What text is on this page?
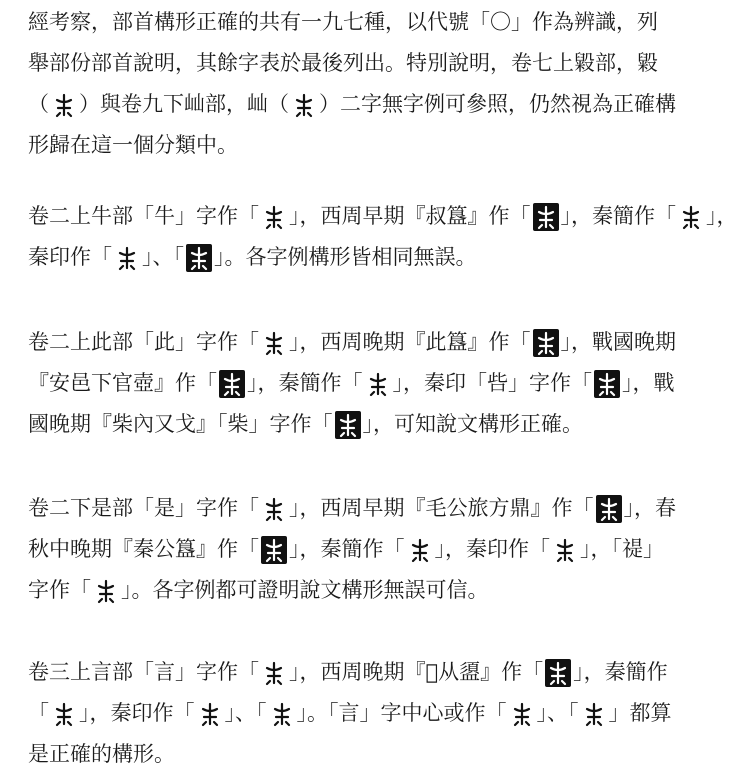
經考察，部首構形正確的共有一九七種，以代號「〇」作為辨識，列
舉部份部首說明，其餘字表於最後列出。特別說明，卷七上毇部，毇
（ ）與卷九下屾部，屾（ ）二字無字例可參照，仍然視為正確構
形歸在這一個分類中。
卷二上牛部「牛」字作「 」，西周早期『叔簋』作「 」，秦簡作「 」，
秦印作「 」、「 」。各字例構形皆相同無誤。
卷二上此部「此」字作「 」，西周晚期『此簋』作「 」，戰國晚期
『安邑下官壺』作「 」，秦簡作「 」，秦印「呰」字作「 」，戰
國晚期『柴內又戈』「柴」字作「 」，可知說文構形正確。
卷二下是部「是」字作「 」，西周早期『毛公旅方鼎』作「 」，春
秋中晚期『秦公簋』作「 」，秦簡作「 」，秦印作「 」，「禔」
字作「 」。各字例都可證明說文構形無誤可信。
卷三上言部「言」字作「 」，西周晚期『𢼸从盨』作「 」，秦簡作
「 」，秦印作「 」、「 」。「言」字中心或作「 」、「 」都算
是正確的構形。
